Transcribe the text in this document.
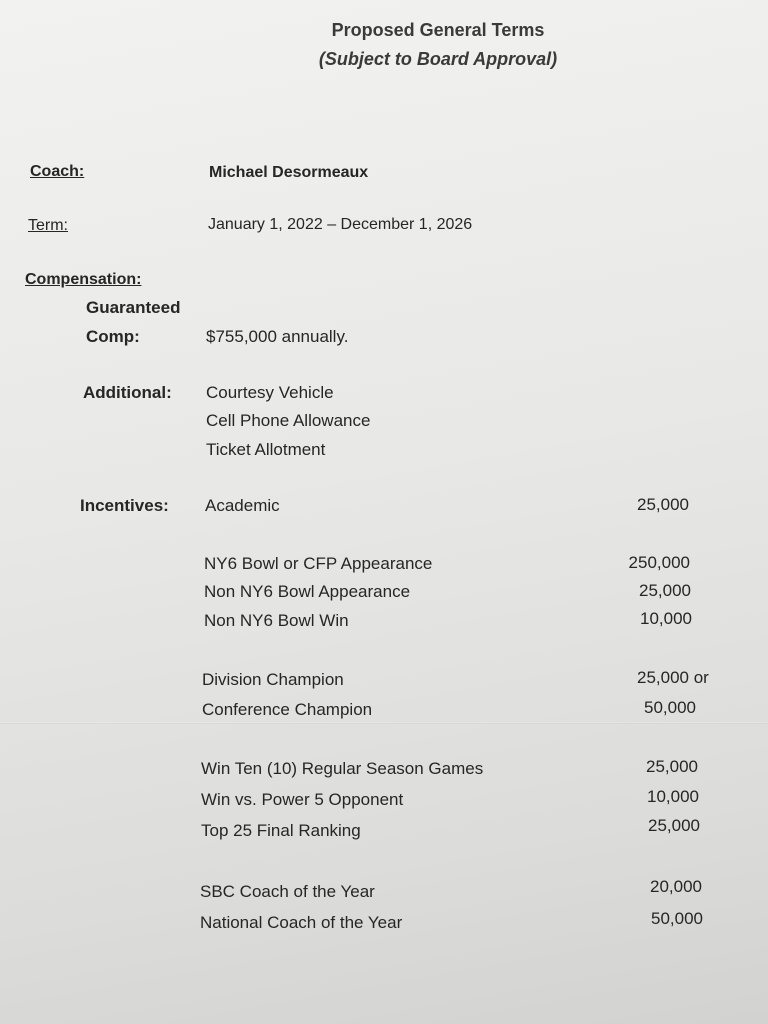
Proposed General Terms
(Subject to Board Approval)
Coach:	Michael Desormeaux
Term:	January 1, 2022 – December 1, 2026
Compensation:
Guaranteed
Comp:	$755,000 annually.
Additional: Courtesy Vehicle
Cell Phone Allowance
Ticket Allotment
Incentives: Academic	25,000
NY6 Bowl or CFP Appearance	250,000
Non NY6 Bowl Appearance	25,000
Non NY6 Bowl Win	10,000
Division Champion	25,000 or
Conference Champion	50,000
Win Ten (10) Regular Season Games	25,000
Win vs. Power 5 Opponent	10,000
Top 25 Final Ranking	25,000
SBC Coach of the Year	20,000
National Coach of the Year	50,000
